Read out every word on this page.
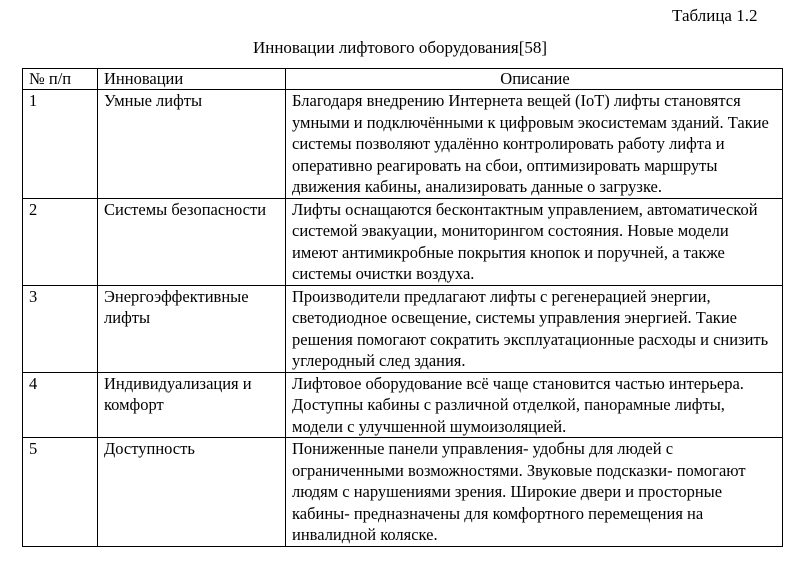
Таблица 1.2
Инновации лифтового оборудования[58]
№ п/п	Инновации	Описание
1	Умные лифты	Благодаря внедрению Интернета вещей (IoT) лифты становятся умными и подключёнными к цифровым экосистемам зданий. Такие системы позволяют удалённо контролировать работу лифта и оперативно реагировать на сбои, оптимизировать маршруты движения кабины, анализировать данные о загрузке.
2	Системы безопасности	Лифты оснащаются бесконтактным управлением, автоматической системой эвакуации, мониторингом состояния. Новые модели имеют антимикробные покрытия кнопок и поручней, а также системы очистки воздуха.
3	Энергоэффективные лифты	Производители предлагают лифты с регенерацией энергии, светодиодное освещение, системы управления энергией. Такие решения помогают сократить эксплуатационные расходы и снизить углеродный след здания.
4	Индивидуализация и комфорт	Лифтовое оборудование всё чаще становится частью интерьера. Доступны кабины с различной отделкой, панорамные лифты, модели с улучшенной шумоизоляцией.
5	Доступность	Пониженные панели управления- удобны для людей с ограниченными возможностями. Звуковые подсказки- помогают людям с нарушениями зрения. Широкие двери и просторные кабины- предназначены для комфортного перемещения на инвалидной коляске.
